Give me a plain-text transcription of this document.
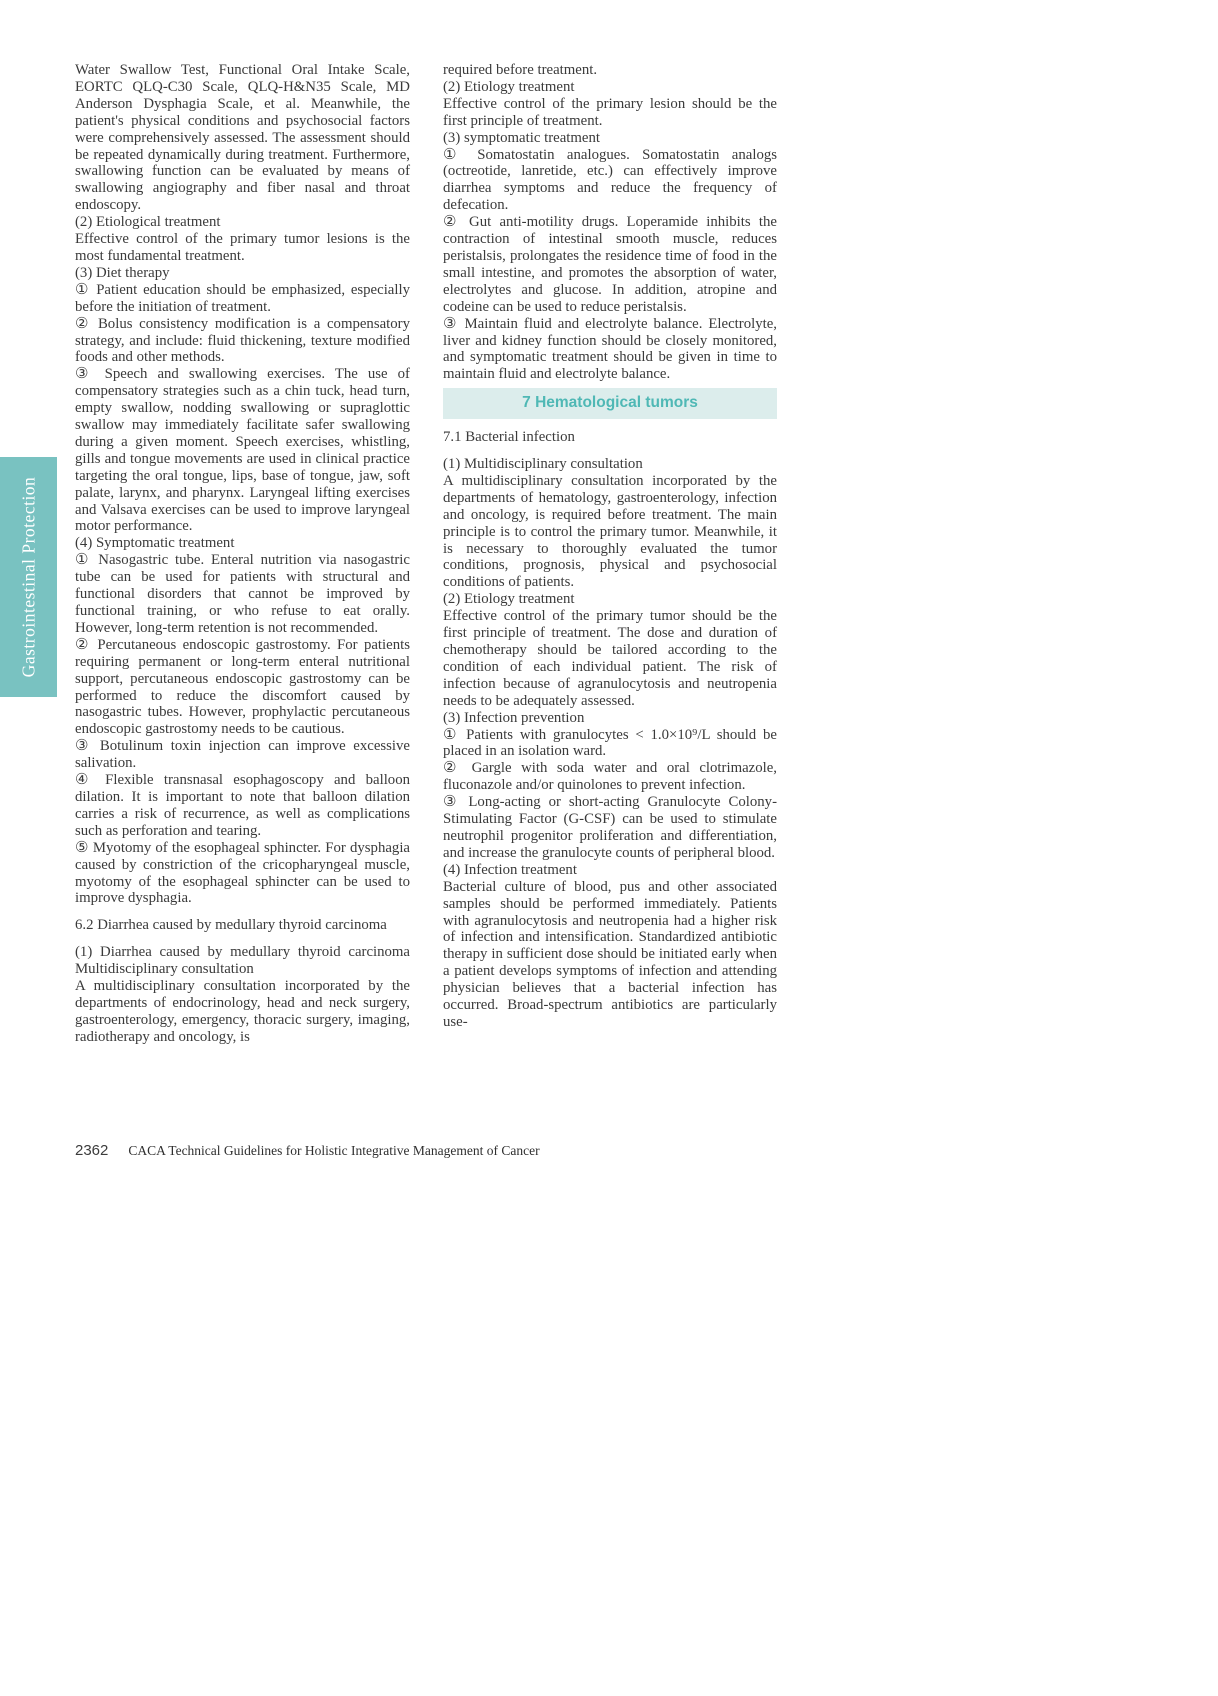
Gastrointestinal Protection
Water Swallow Test, Functional Oral Intake Scale, EORTC QLQ-C30 Scale, QLQ-H&N35 Scale, MD Anderson Dysphagia Scale, et al. Meanwhile, the patient's physical conditions and psychosocial factors were comprehensively assessed. The assessment should be repeated dynamically during treatment. Furthermore, swallowing function can be evaluated by means of swallowing angiography and fiber nasal and throat endoscopy.
(2) Etiological treatment
Effective control of the primary tumor lesions is the most fundamental treatment.
(3) Diet therapy
① Patient education should be emphasized, especially before the initiation of treatment.
② Bolus consistency modification is a compensatory strategy, and include: fluid thickening, texture modified foods and other methods.
③ Speech and swallowing exercises. The use of compensatory strategies such as a chin tuck, head turn, empty swallow, nodding swallowing or supraglottic swallow may immediately facilitate safer swallowing during a given moment. Speech exercises, whistling, gills and tongue movements are used in clinical practice targeting the oral tongue, lips, base of tongue, jaw, soft palate, larynx, and pharynx. Laryngeal lifting exercises and Valsava exercises can be used to improve laryngeal motor performance.
(4) Symptomatic treatment
① Nasogastric tube. Enteral nutrition via nasogastric tube can be used for patients with structural and functional disorders that cannot be improved by functional training, or who refuse to eat orally. However, long-term retention is not recommended.
② Percutaneous endoscopic gastrostomy. For patients requiring permanent or long-term enteral nutritional support, percutaneous endoscopic gastrostomy can be performed to reduce the discomfort caused by nasogastric tubes. However, prophylactic percutaneous endoscopic gastrostomy needs to be cautious.
③ Botulinum toxin injection can improve excessive salivation.
④ Flexible transnasal esophagoscopy and balloon dilation. It is important to note that balloon dilation carries a risk of recurrence, as well as complications such as perforation and tearing.
⑤ Myotomy of the esophageal sphincter. For dysphagia caused by constriction of the cricopharyngeal muscle, myotomy of the esophageal sphincter can be used to improve dysphagia.
6.2 Diarrhea caused by medullary thyroid carcinoma
(1) Diarrhea caused by medullary thyroid carcinoma Multidisciplinary consultation
A multidisciplinary consultation incorporated by the departments of endocrinology, head and neck surgery, gastroenterology, emergency, thoracic surgery, imaging, radiotherapy and oncology, is
required before treatment.
(2) Etiology treatment
Effective control of the primary lesion should be the first principle of treatment.
(3) symptomatic treatment
① Somatostatin analogues. Somatostatin analogs (octreotide, lanretide, etc.) can effectively improve diarrhea symptoms and reduce the frequency of defecation.
② Gut anti-motility drugs. Loperamide inhibits the contraction of intestinal smooth muscle, reduces peristalsis, prolongates the residence time of food in the small intestine, and promotes the absorption of water, electrolytes and glucose. In addition, atropine and codeine can be used to reduce peristalsis.
③ Maintain fluid and electrolyte balance. Electrolyte, liver and kidney function should be closely monitored, and symptomatic treatment should be given in time to maintain fluid and electrolyte balance.
7 Hematological tumors
7.1 Bacterial infection
(1) Multidisciplinary consultation
A multidisciplinary consultation incorporated by the departments of hematology, gastroenterology, infection and oncology, is required before treatment. The main principle is to control the primary tumor. Meanwhile, it is necessary to thoroughly evaluated the tumor conditions, prognosis, physical and psychosocial conditions of patients.
(2) Etiology treatment
Effective control of the primary tumor should be the first principle of treatment. The dose and duration of chemotherapy should be tailored according to the condition of each individual patient. The risk of infection because of agranulocytosis and neutropenia needs to be adequately assessed.
(3) Infection prevention
① Patients with granulocytes < 1.0×10⁹/L should be placed in an isolation ward.
② Gargle with soda water and oral clotrimazole, fluconazole and/or quinolones to prevent infection.
③ Long-acting or short-acting Granulocyte Colony-Stimulating Factor (G-CSF) can be used to stimulate neutrophil progenitor proliferation and differentiation, and increase the granulocyte counts of peripheral blood.
(4) Infection treatment
Bacterial culture of blood, pus and other associated samples should be performed immediately. Patients with agranulocytosis and neutropenia had a higher risk of infection and intensification. Standardized antibiotic therapy in sufficient dose should be initiated early when a patient develops symptoms of infection and attending physician believes that a bacterial infection has occurred. Broad-spectrum antibiotics are particularly use-
2362 CACA Technical Guidelines for Holistic Integrative Management of Cancer
